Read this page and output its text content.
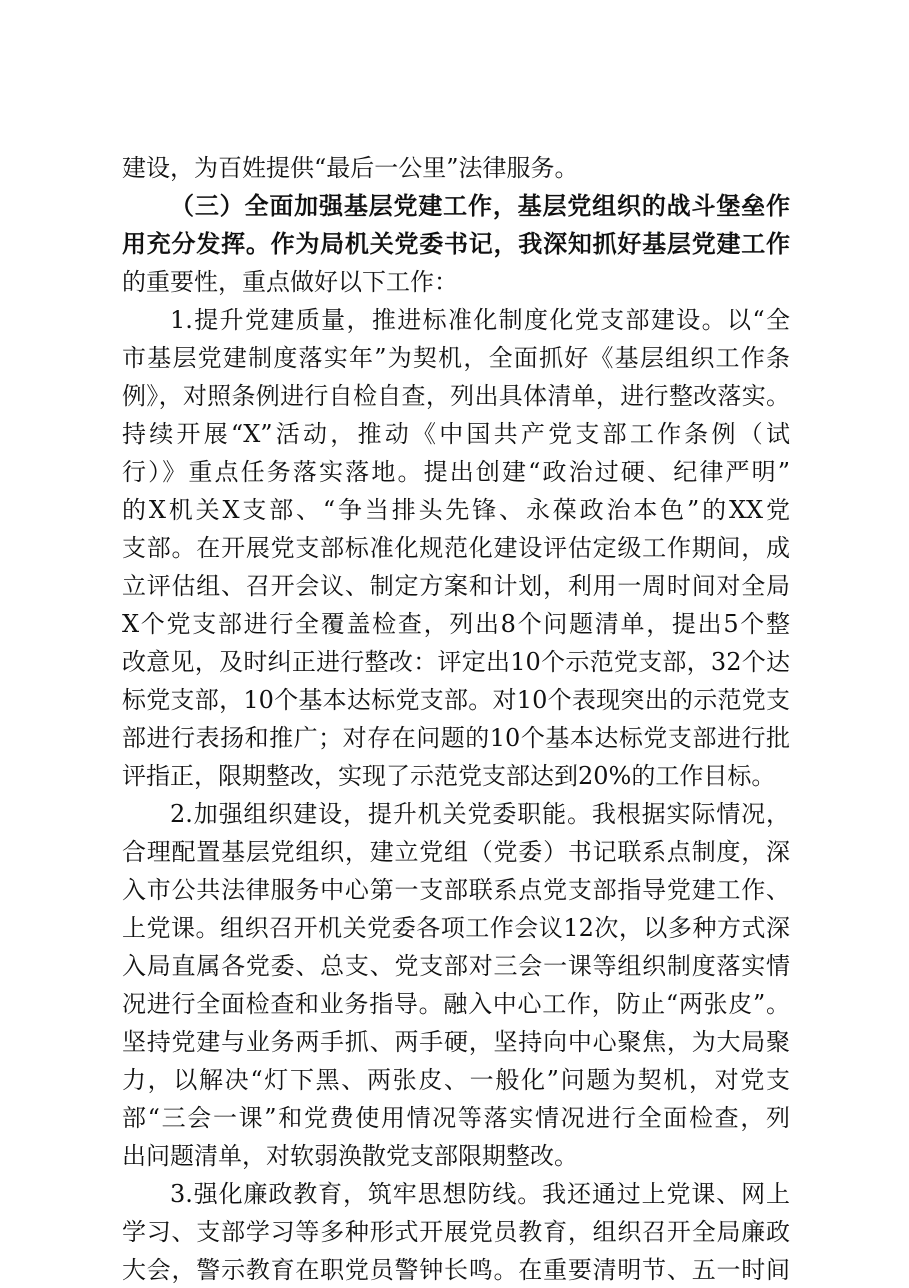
建设，为百姓提供“最后一公里”法律服务。
（三）全面加强基层党建工作，基层党组织的战斗堡垒作
用充分发挥。作为局机关党委书记，我深知抓好基层党建工作
的重要性，重点做好以下工作：
1.提升党建质量，推进标准化制度化党支部建设。以“全
市基层党建制度落实年”为契机，全面抓好《基层组织工作条
例》，对照条例进行自检自查，列出具体清单，进行整改落实。
持续开展“X”活动，推动《中国共产党支部工作条例（试
行）》重点任务落实落地。提出创建“政治过硬、纪律严明”
的X机关X支部、“争当排头先锋、永葆政治本色”的XX党
支部。在开展党支部标准化规范化建设评估定级工作期间，成
立评估组、召开会议、制定方案和计划，利用一周时间对全局
X个党支部进行全覆盖检查，列出8个问题清单，提出5个整
改意见，及时纠正进行整改：评定出10个示范党支部，32个达
标党支部，10个基本达标党支部。对10个表现突出的示范党支
部进行表扬和推广；对存在问题的10个基本达标党支部进行批
评指正，限期整改，实现了示范党支部达到20%的工作目标。
2.加强组织建设，提升机关党委职能。我根据实际情况，
合理配置基层党组织，建立党组（党委）书记联系点制度，深
入市公共法律服务中心第一支部联系点党支部指导党建工作、
上党课。组织召开机关党委各项工作会议12次，以多种方式深
入局直属各党委、总支、党支部对三会一课等组织制度落实情
况进行全面检查和业务指导。融入中心工作，防止“两张皮”。
坚持党建与业务两手抓、两手硬，坚持向中心聚焦，为大局聚
力，以解决“灯下黑、两张皮、一般化”问题为契机，对党支
部“三会一课”和党费使用情况等落实情况进行全面检查，列
出问题清单，对软弱涣散党支部限期整改。
3.强化廉政教育，筑牢思想防线。我还通过上党课、网上
学习、支部学习等多种形式开展党员教育，组织召开全局廉政
大会，警示教育在职党员警钟长鸣。在重要清明节、五一时间
